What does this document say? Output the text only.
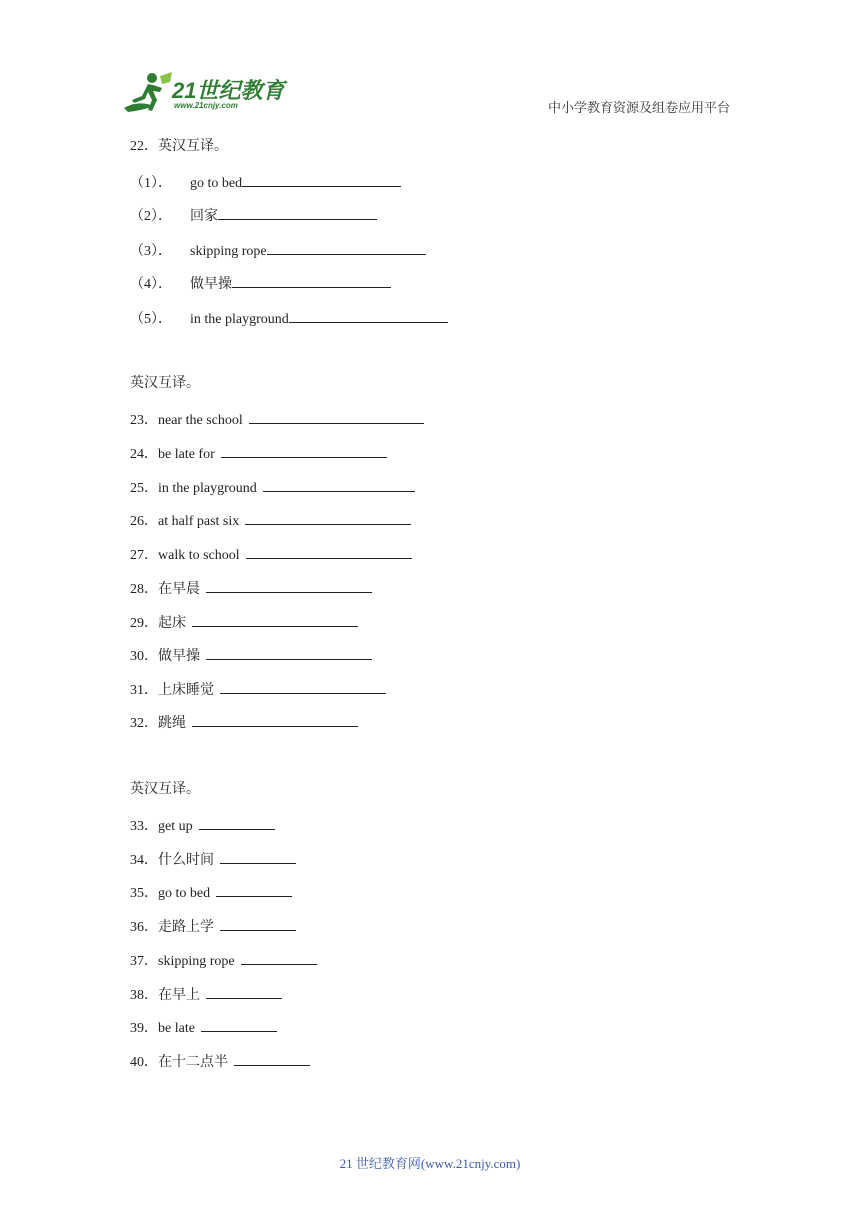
21世纪教育
www.21cnjy.com	中小学教育资源及组卷应用平台
22．英汉互译。
（1）． go to bed
（2）． 回家
（3）． skipping rope
（4）． 做早操
（5）． in the playground
英汉互译。
23．near the school
24．be late for
25．in the playground
26．at half past six
27．walk to school
28．在早晨
29．起床
30．做早操
31．上床睡觉
32．跳绳
英汉互译。
33．get up
34．什么时间
35．go to bed
36．走路上学
37．skipping rope
38．在早上
39．be late
40．在十二点半
21 世纪教育网(www.21cnjy.com)
